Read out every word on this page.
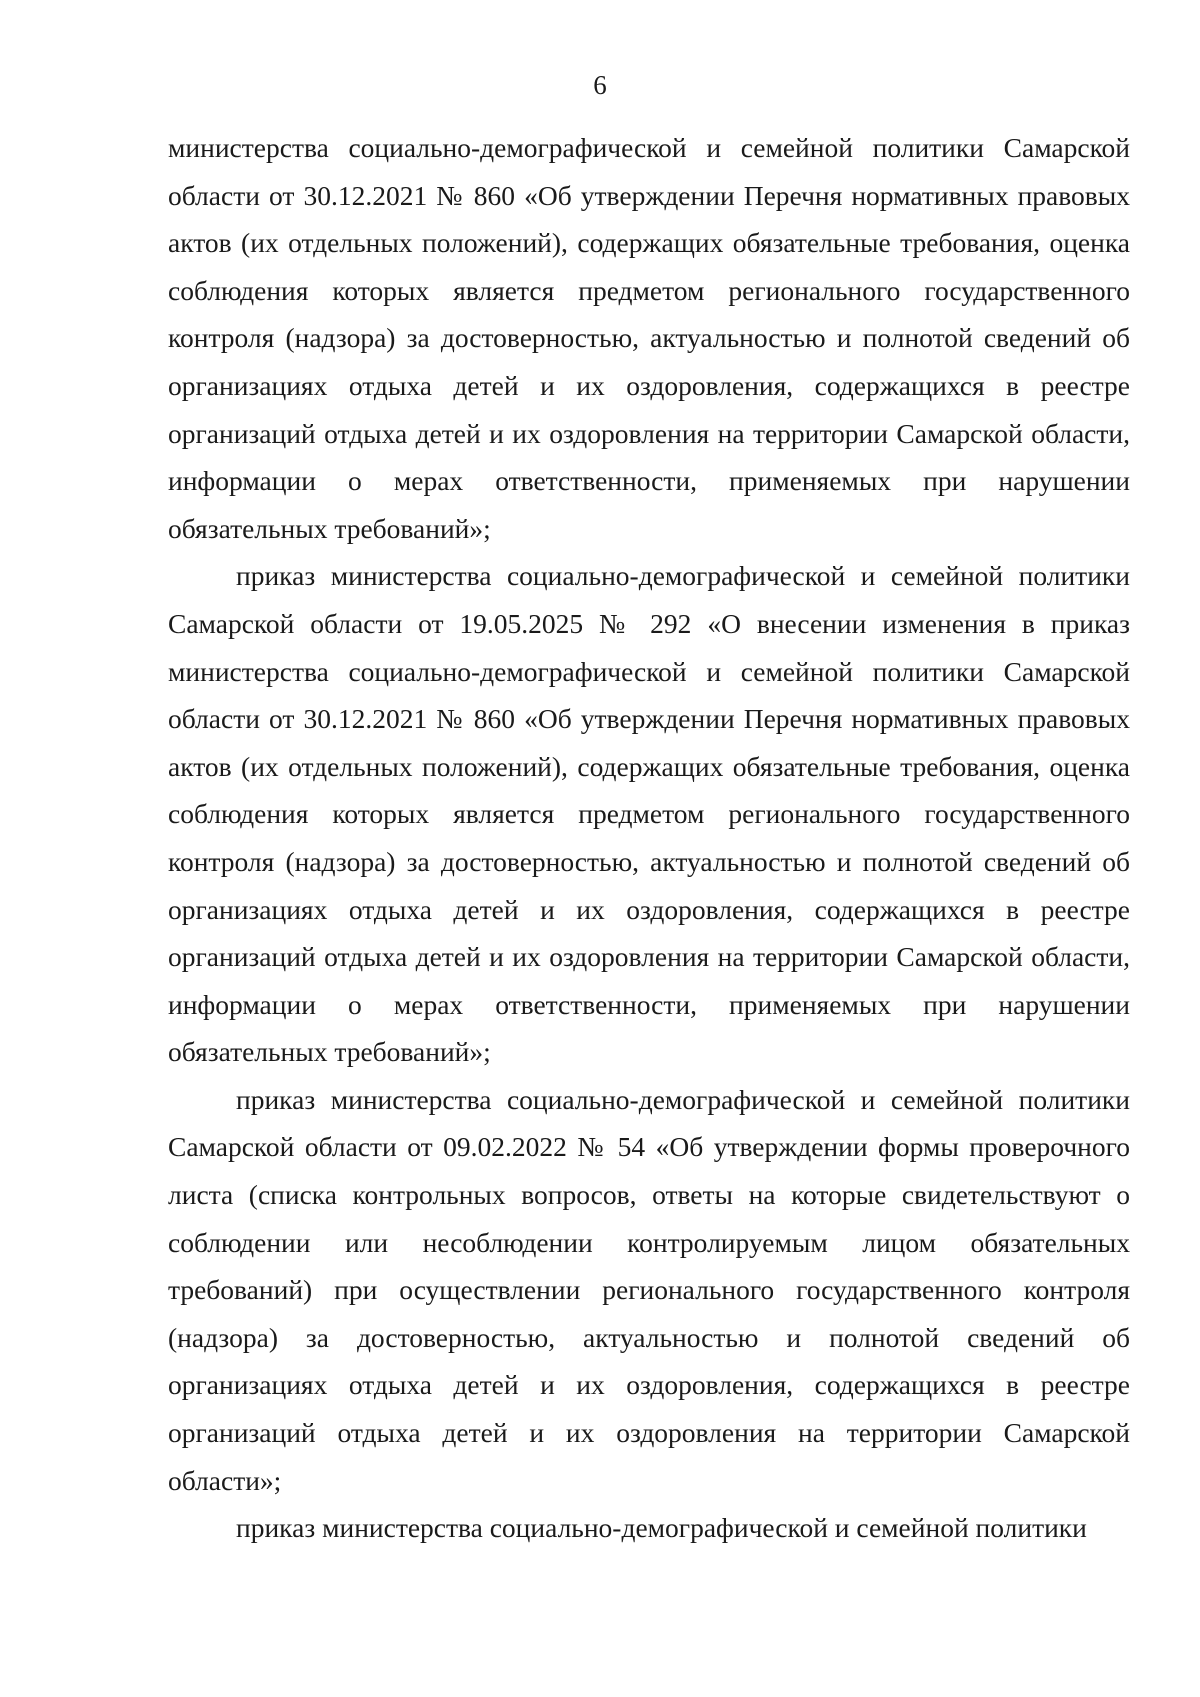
6

министерства социально-демографической и семейной политики Самарской области от 30.12.2021 № 860 «Об утверждении Перечня нормативных правовых актов (их отдельных положений), содержащих обязательные требования, оценка соблюдения которых является предметом регионального государственного контроля (надзора) за достоверностью, актуальностью и полнотой сведений об организациях отдыха детей и их оздоровления, содержащихся в реестре организаций отдыха детей и их оздоровления на территории Самарской области, информации о мерах ответственности, применяемых при нарушении обязательных требований»;

приказ министерства социально-демографической и семейной политики Самарской области от 19.05.2025 № 292 «О внесении изменения в приказ министерства социально-демографической и семейной политики Самарской области от 30.12.2021 № 860 «Об утверждении Перечня нормативных правовых актов (их отдельных положений), содержащих обязательные требования, оценка соблюдения которых является предметом регионального государственного контроля (надзора) за достоверностью, актуальностью и полнотой сведений об организациях отдыха детей и их оздоровления, содержащихся в реестре организаций отдыха детей и их оздоровления на территории Самарской области, информации о мерах ответственности, применяемых при нарушении обязательных требований»;

приказ министерства социально-демографической и семейной политики Самарской области от 09.02.2022 № 54 «Об утверждении формы проверочного листа (списка контрольных вопросов, ответы на которые свидетельствуют о соблюдении или несоблюдении контролируемым лицом обязательных требований) при осуществлении регионального государственного контроля (надзора) за достоверностью, актуальностью и полнотой сведений об организациях отдыха детей и их оздоровления, содержащихся в реестре организаций отдыха детей и их оздоровления на территории Самарской области»;

приказ министерства социально-демографической и семейной политики
